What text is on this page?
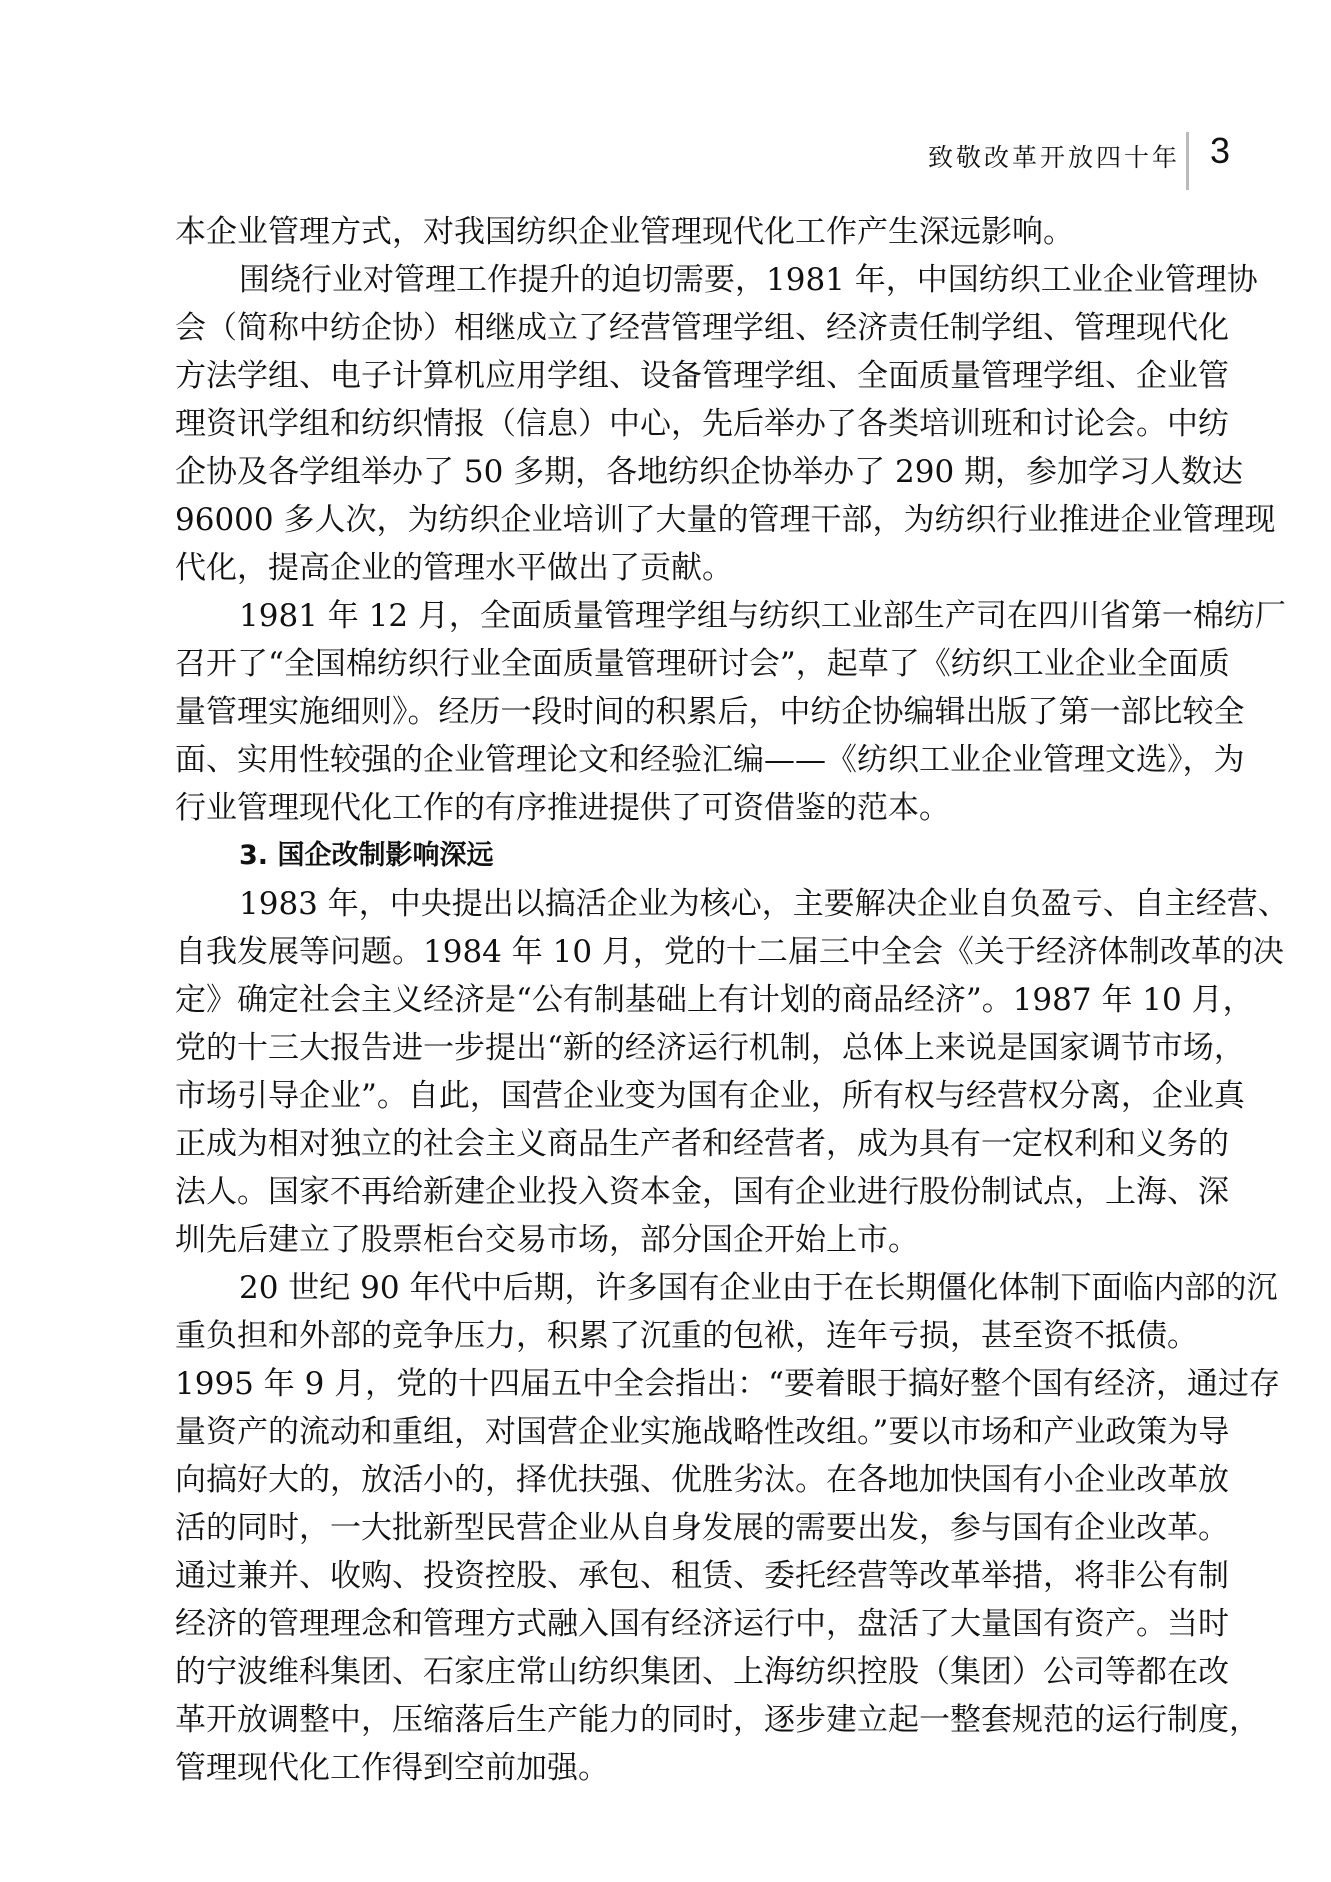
致敬改革开放四十年 3
本企业管理方式，对我国纺织企业管理现代化工作产生深远影响。
围绕行业对管理工作提升的迫切需要，1981 年，中国纺织工业企业管理协
会（简称中纺企协）相继成立了经营管理学组、经济责任制学组、管理现代化
方法学组、电子计算机应用学组、设备管理学组、全面质量管理学组、企业管
理资讯学组和纺织情报（信息）中心，先后举办了各类培训班和讨论会。中纺
企协及各学组举办了 50 多期，各地纺织企协举办了 290 期，参加学习人数达
96000 多人次，为纺织企业培训了大量的管理干部，为纺织行业推进企业管理现
代化，提高企业的管理水平做出了贡献。
1981 年 12 月，全面质量管理学组与纺织工业部生产司在四川省第一棉纺厂
召开了“全国棉纺织行业全面质量管理研讨会”，起草了《纺织工业企业全面质
量管理实施细则》。经历一段时间的积累后，中纺企协编辑出版了第一部比较全
面、实用性较强的企业管理论文和经验汇编——《纺织工业企业管理文选》，为
行业管理现代化工作的有序推进提供了可资借鉴的范本。
3. 国企改制影响深远
1983 年，中央提出以搞活企业为核心，主要解决企业自负盈亏、自主经营、
自我发展等问题。1984 年 10 月，党的十二届三中全会《关于经济体制改革的决
定》确定社会主义经济是“公有制基础上有计划的商品经济”。1987 年 10 月，
党的十三大报告进一步提出“新的经济运行机制，总体上来说是国家调节市场，
市场引导企业”。自此，国营企业变为国有企业，所有权与经营权分离，企业真
正成为相对独立的社会主义商品生产者和经营者，成为具有一定权利和义务的
法人。国家不再给新建企业投入资本金，国有企业进行股份制试点，上海、深
圳先后建立了股票柜台交易市场，部分国企开始上市。
20 世纪 90 年代中后期，许多国有企业由于在长期僵化体制下面临内部的沉
重负担和外部的竞争压力，积累了沉重的包袱，连年亏损，甚至资不抵债。
1995 年 9 月，党的十四届五中全会指出：“要着眼于搞好整个国有经济，通过存
量资产的流动和重组，对国营企业实施战略性改组。”要以市场和产业政策为导
向搞好大的，放活小的，择优扶强、优胜劣汰。在各地加快国有小企业改革放
活的同时，一大批新型民营企业从自身发展的需要出发，参与国有企业改革。
通过兼并、收购、投资控股、承包、租赁、委托经营等改革举措，将非公有制
经济的管理理念和管理方式融入国有经济运行中，盘活了大量国有资产。当时
的宁波维科集团、石家庄常山纺织集团、上海纺织控股（集团）公司等都在改
革开放调整中，压缩落后生产能力的同时，逐步建立起一整套规范的运行制度，
管理现代化工作得到空前加强。
